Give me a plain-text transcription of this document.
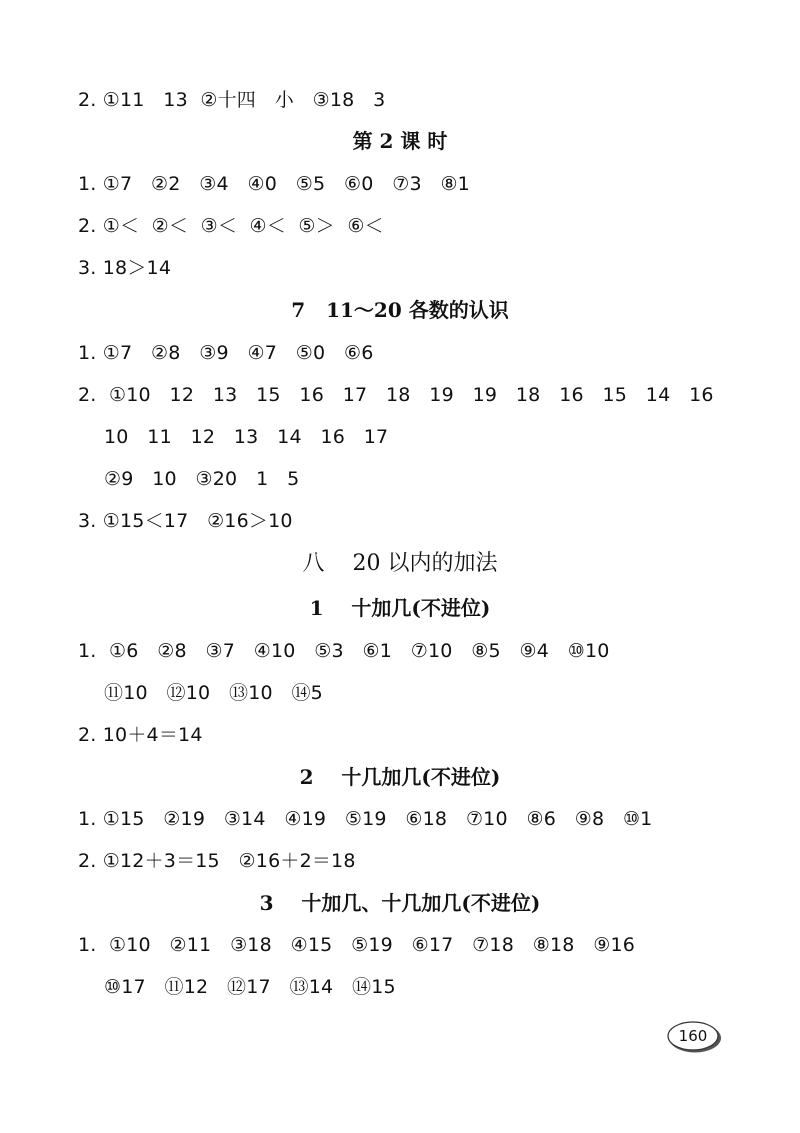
2. ①11   13  ②十四   小   ③18   3
第 2 课 时
1. ①7   ②2   ③4   ④0   ⑤5   ⑥0   ⑦3   ⑧1
2. ①＜  ②＜  ③＜  ④＜  ⑤＞  ⑥＜
3. 18＞14
7   11～20 各数的认识
1. ①7   ②8   ③9   ④7   ⑤0   ⑥6
2.  ①10   12   13   15   16   17   18   19   19   18   16   15   14   16
10   11   12   13   14   16   17
②9   10   ③20   1   5
3. ①15＜17   ②16＞10
八    20 以内的加法
1    十加几(不进位)
1.  ①6   ②8   ③7   ④10   ⑤3   ⑥1   ⑦10   ⑧5   ⑨4   ⑩10
⑪10   ⑫10   ⑬10   ⑭5
2. 10＋4＝14
2    十几加几(不进位)
1. ①15   ②19   ③14   ④19   ⑤19   ⑥18   ⑦10   ⑧6   ⑨8   ⑩1
2. ①12＋3＝15   ②16＋2＝18
3    十加几、十几加几(不进位)
1.  ①10   ②11   ③18   ④15   ⑤19   ⑥17   ⑦18   ⑧18   ⑨16
⑩17   ⑪12   ⑫17   ⑬14   ⑭15
160
